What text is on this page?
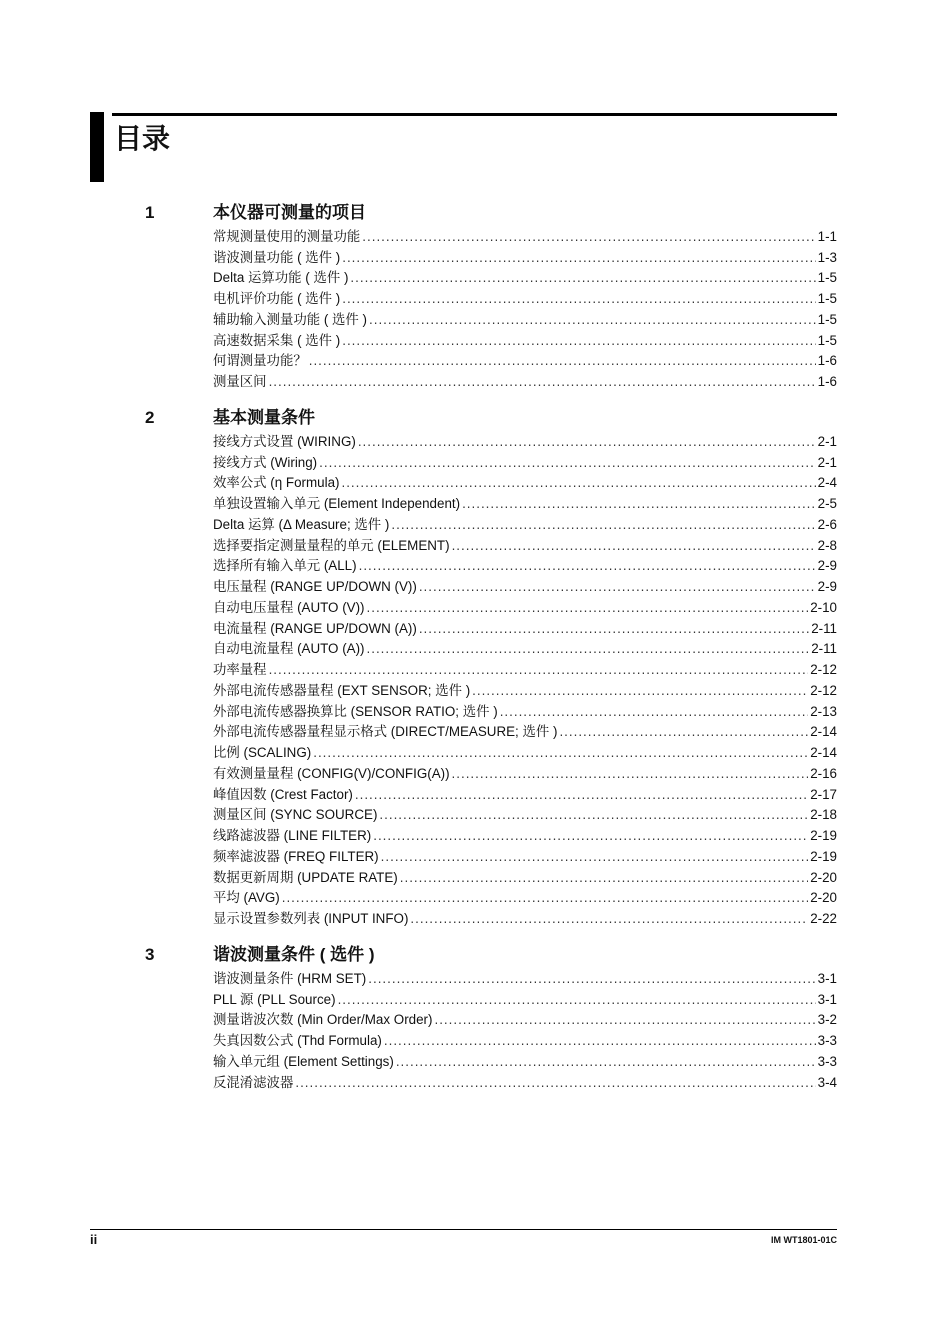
目录
1	本仪器可测量的项目
常规测量使用的测量功能 .....	1-1
谐波测量功能 ( 选件 ) .....	1-3
Delta 运算功能 ( 选件 ) .....	1-5
电机评价功能 ( 选件 ) .....	1-5
辅助输入测量功能 ( 选件 ) .....	1-5
高速数据采集 ( 选件 ) .....	1-5
何谓测量功能？ .....	1-6
测量区间 .....	1-6
2	基本测量条件
接线方式设置 (WIRING) .....	2-1
接线方式 (Wiring) .....	2-1
效率公式 (η Formula) .....	2-4
单独设置输入单元 (Element Independent) .....	2-5
Delta 运算 (Δ Measure; 选件 ) .....	2-6
选择要指定测量量程的单元 (ELEMENT) .....	2-8
选择所有输入单元 (ALL) .....	2-9
电压量程 (RANGE UP/DOWN (V)) .....	2-9
自动电压量程 (AUTO (V)) .....	2-10
电流量程 (RANGE UP/DOWN (A)) .....	2-11
自动电流量程 (AUTO (A)) .....	2-11
功率量程 .....	2-12
外部电流传感器量程 (EXT SENSOR; 选件 ) .....	2-12
外部电流传感器换算比 (SENSOR RATIO; 选件 ) .....	2-13
外部电流传感器量程显示格式 (DIRECT/MEASURE; 选件 ) .....	2-14
比例 (SCALING) .....	2-14
有效测量量程 (CONFIG(V)/CONFIG(A)) .....	2-16
峰值因数 (Crest Factor) .....	2-17
测量区间 (SYNC SOURCE) .....	2-18
线路滤波器 (LINE FILTER) .....	2-19
频率滤波器 (FREQ FILTER) .....	2-19
数据更新周期 (UPDATE RATE) .....	2-20
平均 (AVG) .....	2-20
显示设置参数列表 (INPUT INFO) .....	2-22
3	谐波测量条件 ( 选件 )
谐波测量条件 (HRM SET) .....	3-1
PLL 源 (PLL Source) .....	3-1
测量谐波次数 (Min Order/Max Order) .....	3-2
失真因数公式 (Thd Formula) .....	3-3
输入单元组 (Element Settings) .....	3-3
反混淆滤波器 .....	3-4
ii	IM WT1801-01C
